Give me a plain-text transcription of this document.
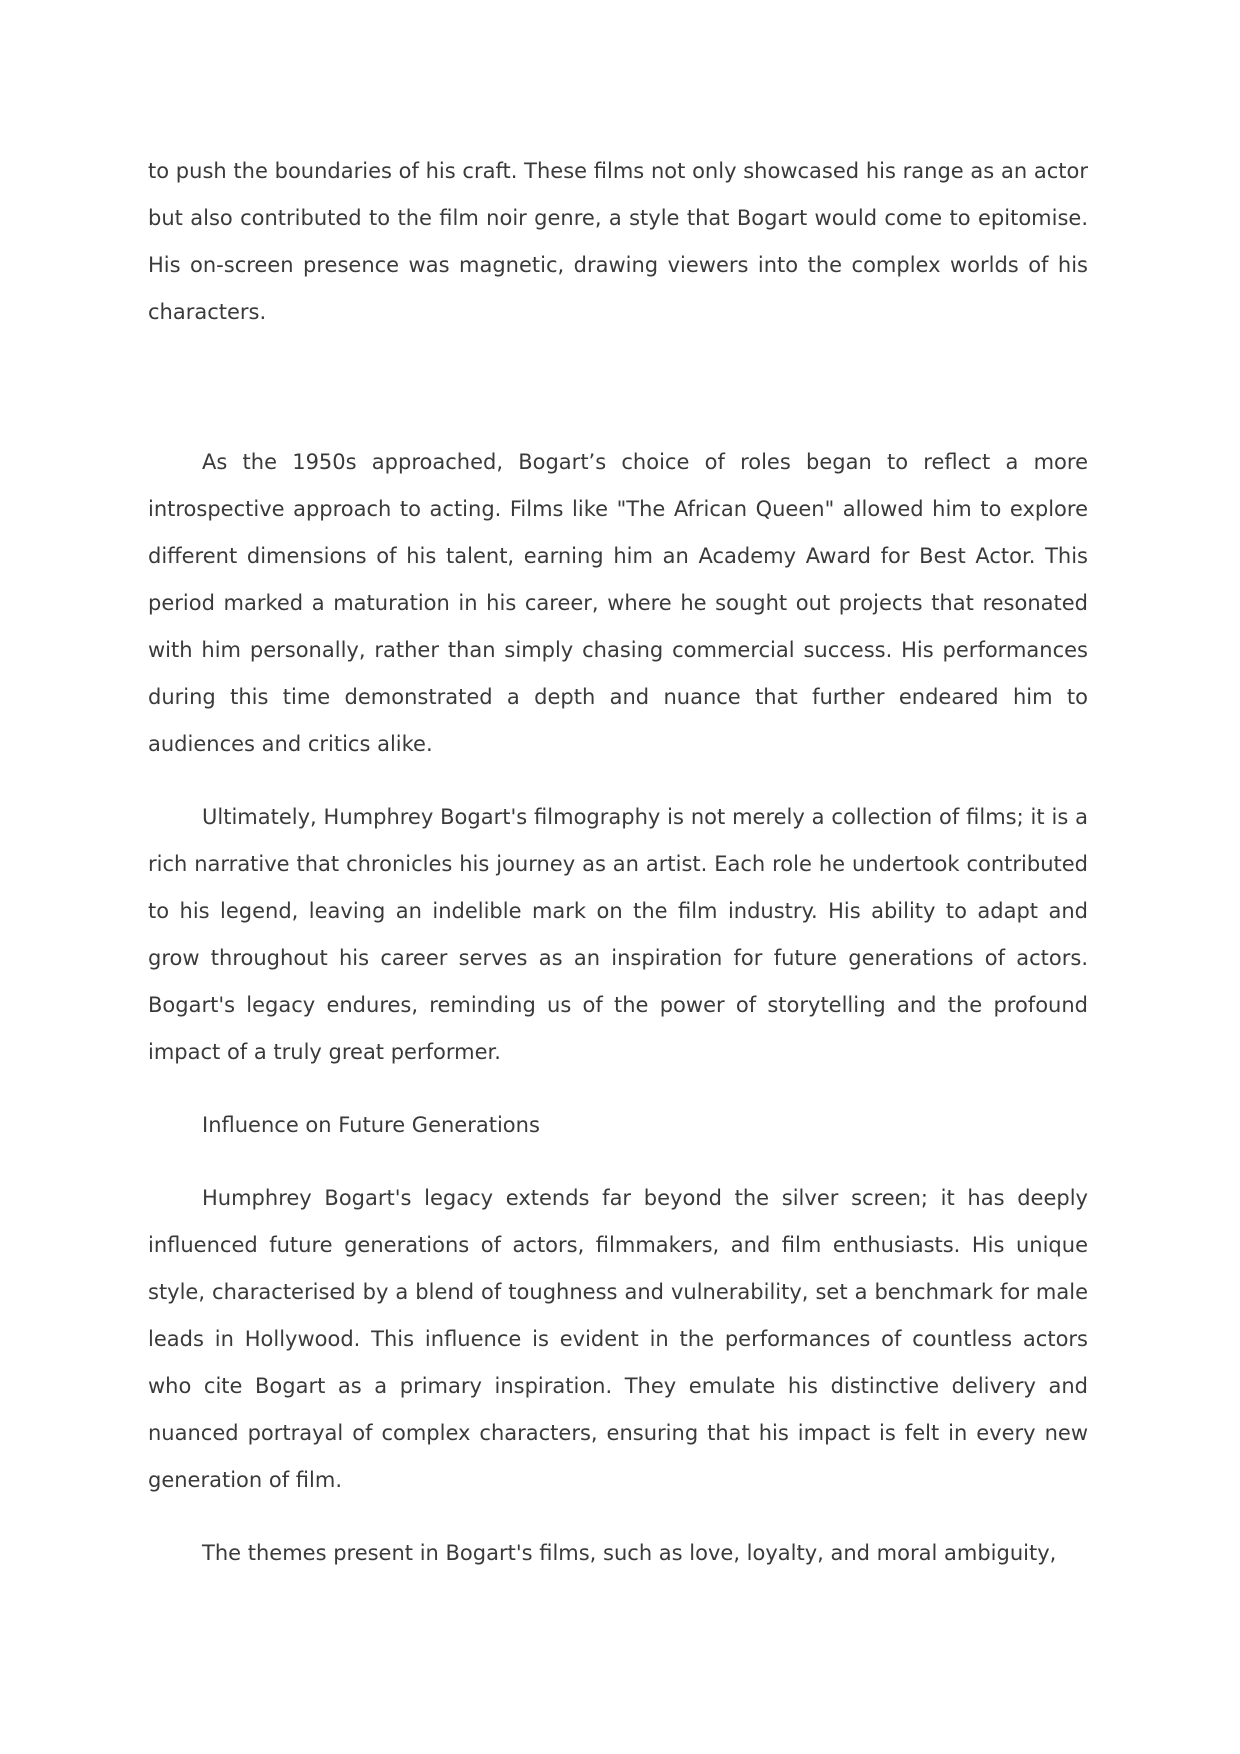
to push the boundaries of his craft. These films not only showcased his range as an actor but also contributed to the film noir genre, a style that Bogart would come to epitomise. His on-screen presence was magnetic, drawing viewers into the complex worlds of his characters.

As the 1950s approached, Bogart’s choice of roles began to reflect a more introspective approach to acting. Films like "The African Queen" allowed him to explore different dimensions of his talent, earning him an Academy Award for Best Actor. This period marked a maturation in his career, where he sought out projects that resonated with him personally, rather than simply chasing commercial success. His performances during this time demonstrated a depth and nuance that further endeared him to audiences and critics alike.

Ultimately, Humphrey Bogart's filmography is not merely a collection of films; it is a rich narrative that chronicles his journey as an artist. Each role he undertook contributed to his legend, leaving an indelible mark on the film industry. His ability to adapt and grow throughout his career serves as an inspiration for future generations of actors. Bogart's legacy endures, reminding us of the power of storytelling and the profound impact of a truly great performer.

Influence on Future Generations

Humphrey Bogart's legacy extends far beyond the silver screen; it has deeply influenced future generations of actors, filmmakers, and film enthusiasts. His unique style, characterised by a blend of toughness and vulnerability, set a benchmark for male leads in Hollywood. This influence is evident in the performances of countless actors who cite Bogart as a primary inspiration. They emulate his distinctive delivery and nuanced portrayal of complex characters, ensuring that his impact is felt in every new generation of film.

The themes present in Bogart's films, such as love, loyalty, and moral ambiguity,
